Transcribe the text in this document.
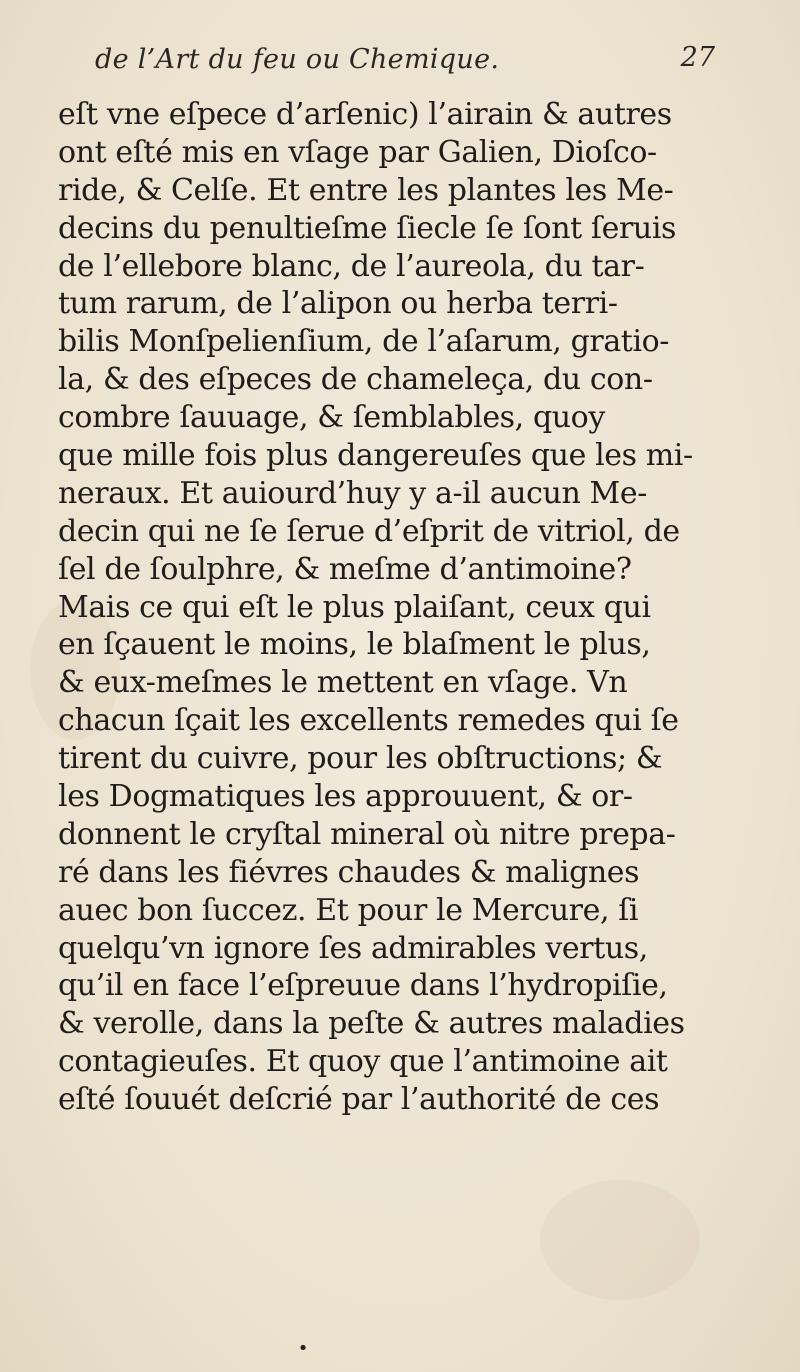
de l’Art du feu ou Chemique.	27
eſt vne eſpece d’arſenic) l’airain & autres
ont eſté mis en vſage par Galien, Dioſco-
ride, & Celſe. Et entre les plantes les Me-
decins du penultieſme ſiecle ſe ſont ſeruis
de l’ellebore blanc, de l’aureola, du tar-
tum rarum, de l’alipon ou herba terri-
bilis Monſpelienſium, de l’aſarum, gratio-
la, & des eſpeces de chameleça, du con-
combre ſauuage, & ſemblables, quoy
que mille fois plus dangereuſes que les mi-
neraux. Et auiourd’huy y a-il aucun Me-
decin qui ne ſe ſerue d’eſprit de vitriol, de
ſel de ſoulphre, & meſme d’antimoine?
Mais ce qui eſt le plus plaiſant, ceux qui
en ſçauent le moins, le blaſment le plus,
& eux-meſmes le mettent en vſage. Vn
chacun ſçait les excellents remedes qui ſe
tirent du cuivre, pour les obſtructions; &
les Dogmatiques les approuuent, & or-
donnent le cryſtal mineral où nitre prepa-
ré dans les fiévres chaudes & malignes
auec bon ſuccez. Et pour le Mercure, ſi
quelqu’vn ignore ſes admirables vertus,
qu’il en face l’eſpreuue dans l’hydropiſie,
& verolle, dans la peſte & autres maladies
contagieuſes. Et quoy que l’antimoine ait
eſté ſouuét deſcrié par l’authorité de ces
•
